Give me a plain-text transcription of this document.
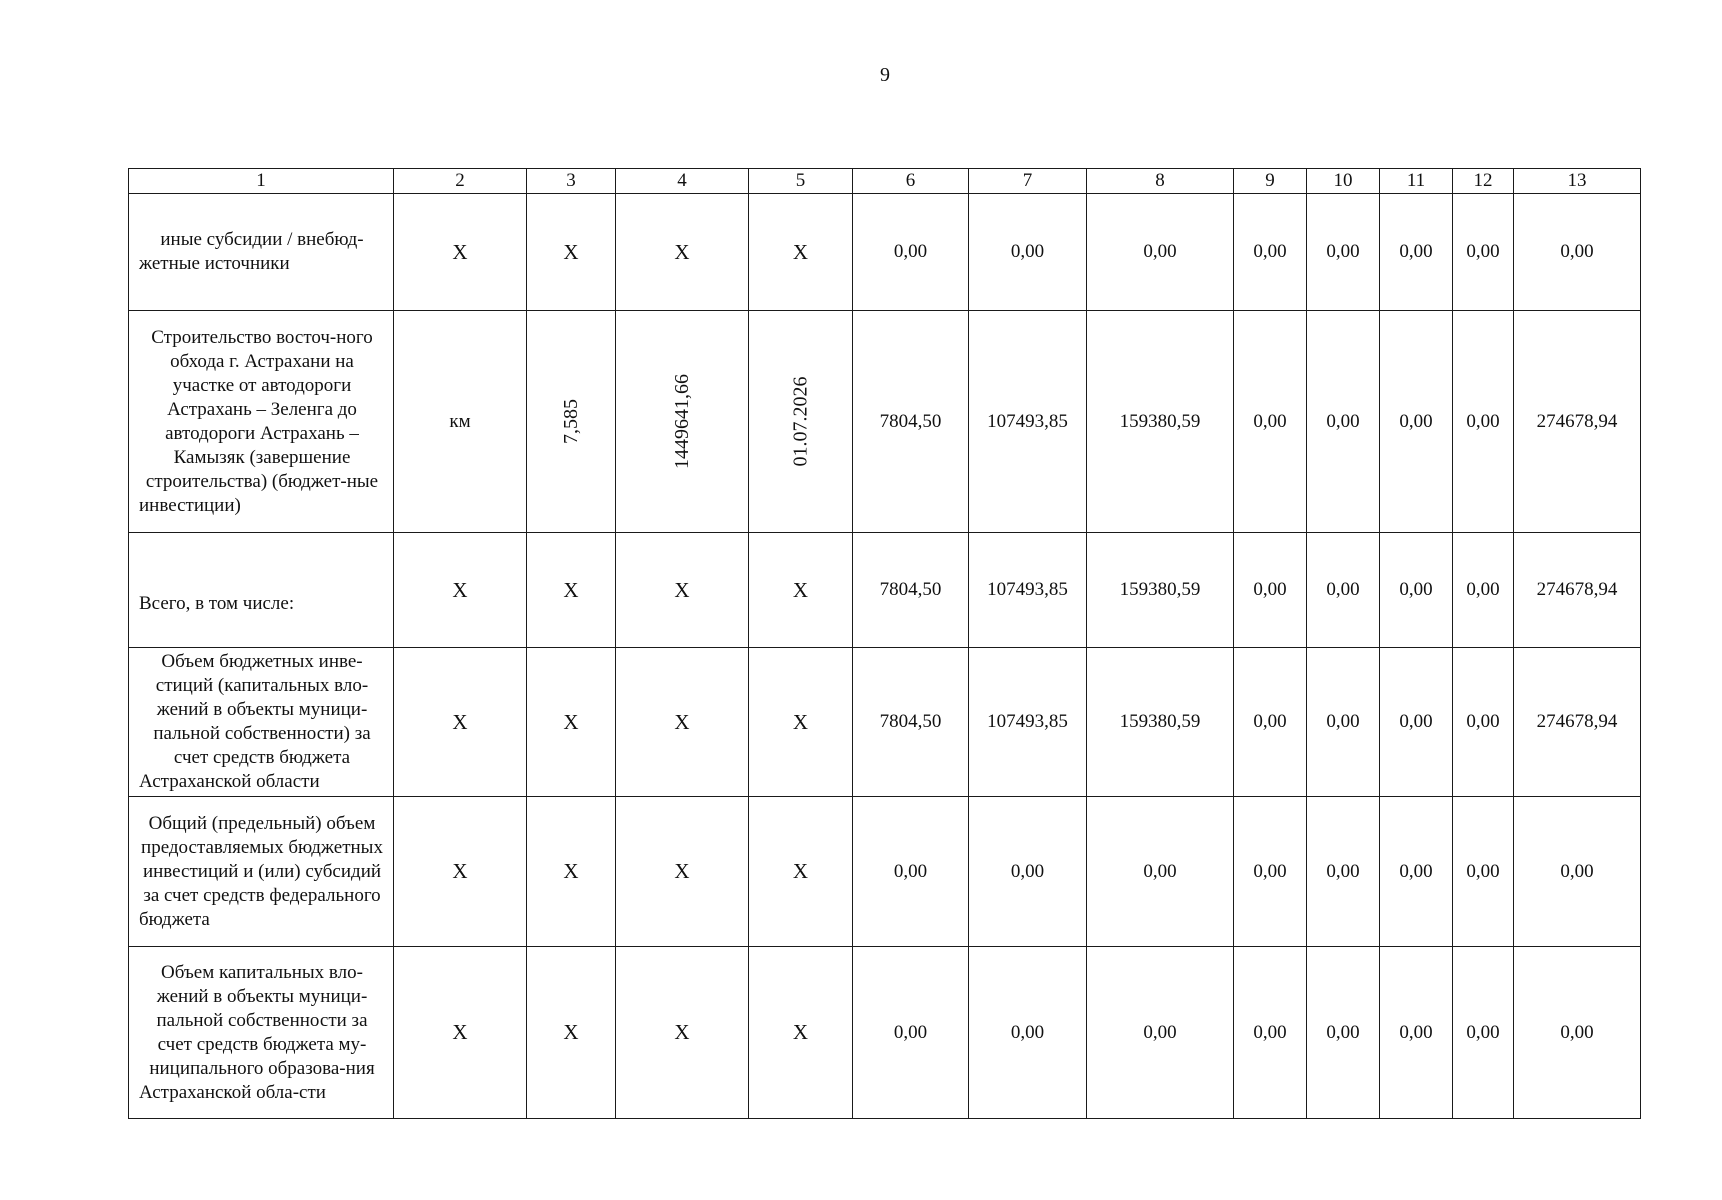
9
1	2	3	4	5	6	7	8	9	10	11	12	13
иные субсидии / внебюд-жетные источники	Х	Х	Х	Х	0,00	0,00	0,00	0,00	0,00	0,00	0,00	0,00
Строительство восточ-ного обхода г. Астрахани на участке от автодороги Астрахань – Зеленга до автодороги Астрахань – Камызяк (завершение строительства) (бюджет-ные инвестиции)	км	7,585	1449641,66	01.07.2026	7804,50	107493,85	159380,59	0,00	0,00	0,00	0,00	274678,94
Всего, в том числе:	Х	Х	Х	Х	7804,50	107493,85	159380,59	0,00	0,00	0,00	0,00	274678,94
Объем бюджетных инве-стиций (капитальных вло-жений в объекты муници-пальной собственности) за счет средств бюджета Астраханской области	Х	Х	Х	Х	7804,50	107493,85	159380,59	0,00	0,00	0,00	0,00	274678,94
Общий (предельный) объем предоставляемых бюджетных инвестиций и (или) субсидий за счет средств федерального бюджета	Х	Х	Х	Х	0,00	0,00	0,00	0,00	0,00	0,00	0,00	0,00
Объем капитальных вло-жений в объекты муници-пальной собственности за счет средств бюджета му-ниципального образова-ния Астраханской обла-сти	Х	Х	Х	Х	0,00	0,00	0,00	0,00	0,00	0,00	0,00	0,00
